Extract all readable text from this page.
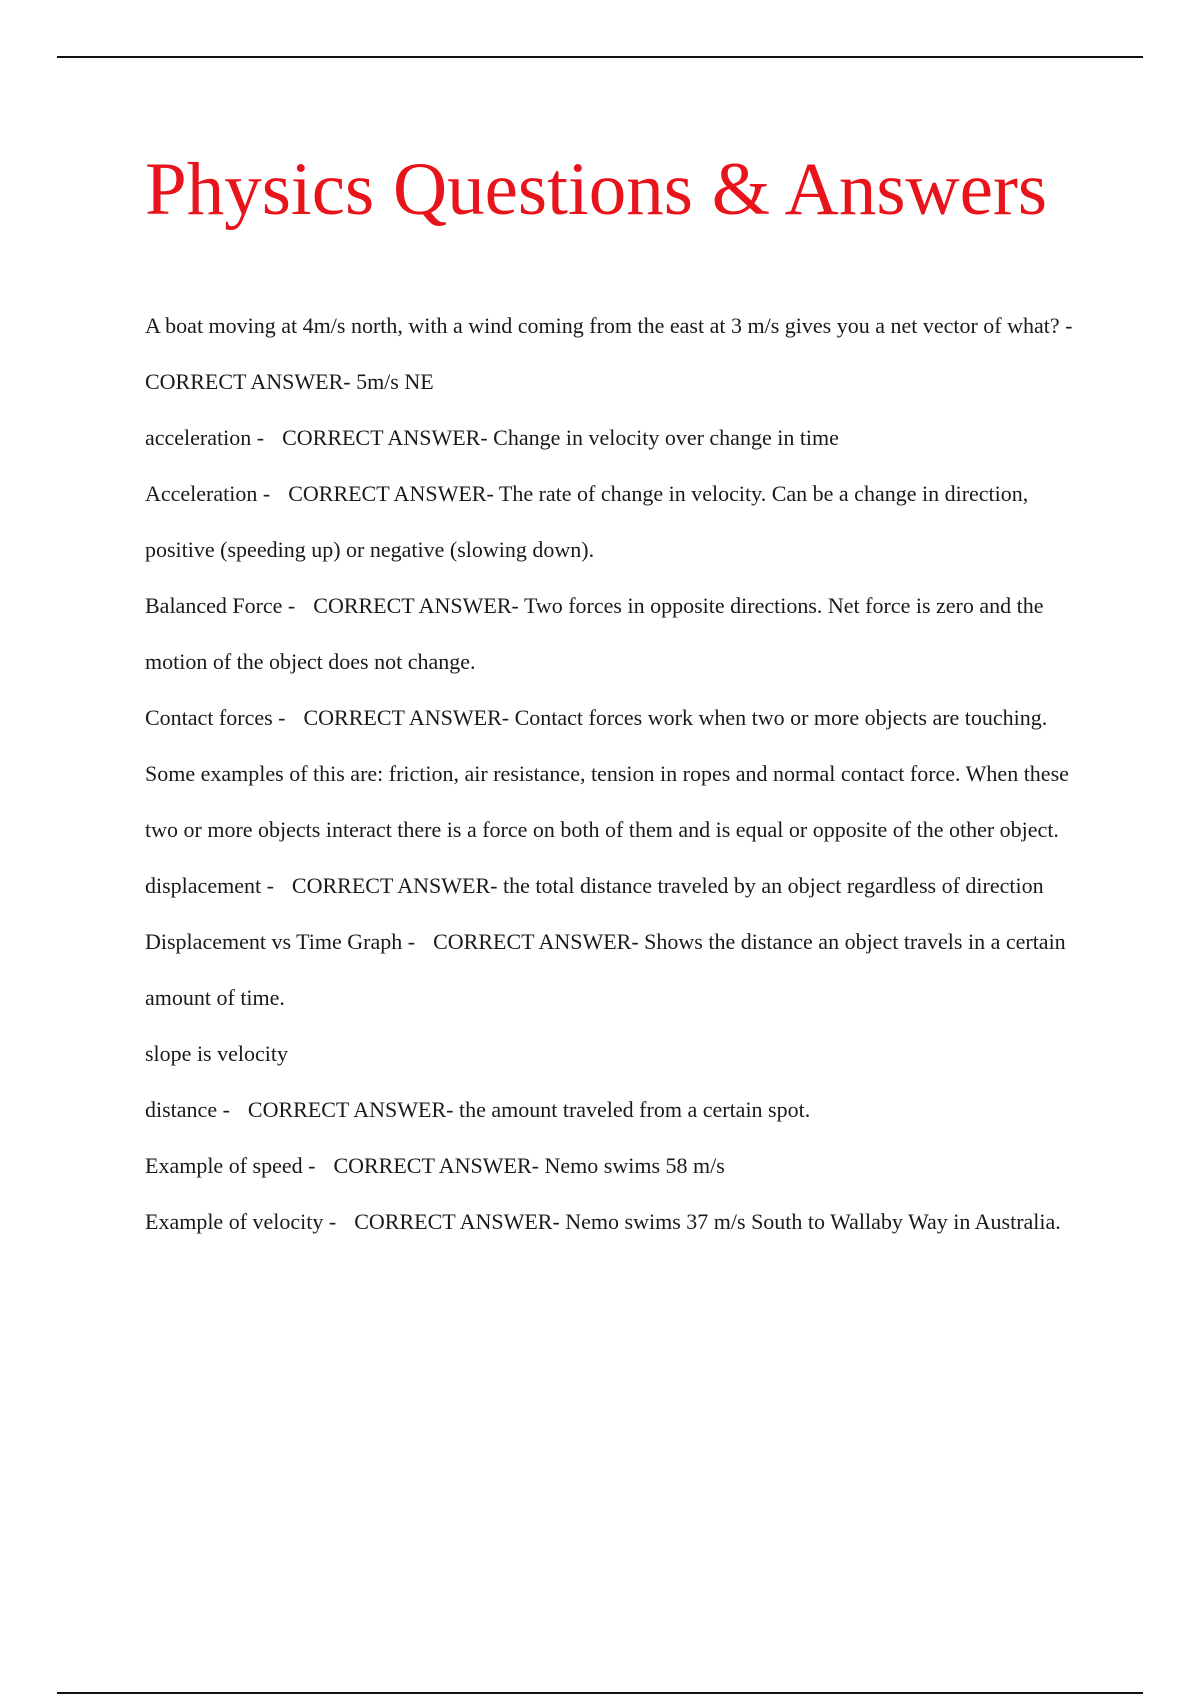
Physics Questions & Answers
A boat moving at 4m/s north, with a wind coming from the east at 3 m/s gives you a net vector of what? -CORRECT ANSWER- 5m/s NE
acceleration - CORRECT ANSWER- Change in velocity over change in time
Acceleration - CORRECT ANSWER- The rate of change in velocity. Can be a change in direction, positive (speeding up) or negative (slowing down).
Balanced Force - CORRECT ANSWER- Two forces in opposite directions. Net force is zero and the motion of the object does not change.
Contact forces - CORRECT ANSWER- Contact forces work when two or more objects are touching. Some examples of this are: friction, air resistance, tension in ropes and normal contact force. When these two or more objects interact there is a force on both of them and is equal or opposite of the other object.
displacement - CORRECT ANSWER- the total distance traveled by an object regardless of direction
Displacement vs Time Graph - CORRECT ANSWER- Shows the distance an object travels in a certain amount of time.
slope is velocity
distance - CORRECT ANSWER- the amount traveled from a certain spot.
Example of speed - CORRECT ANSWER- Nemo swims 58 m/s
Example of velocity - CORRECT ANSWER- Nemo swims 37 m/s South to Wallaby Way in Australia.
